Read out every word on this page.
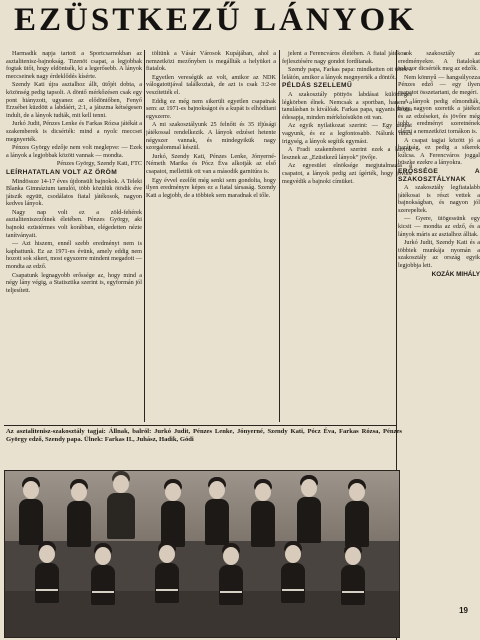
EZÜSTKEZŰ LÁNYOK

Harmadik napja tartott a Sportcsarnokban az asztalitenisz-bajnokság. Tizenöt csapat, a legjobbak fogtak ütőt, hogy eldöntsék, ki a legerősebb. A lányok meccseinek nagy érdeklődés kísérte.

Szendy Kati újra asztalhoz állt, ütőjét dobta, a közönség pedig tapsolt. A döntő mérkőzésen csak egy pont hiányzott, ugyanez az elődöntőben, Fenyő Erzsébet küzdött a labdáért, 2:1, a játszma kétségesen indult, de a lányok tudták, mit kell tenni.

Jurkó Judit, Pénzes Lenke és Farkas Rózsa játékát a szakemberek is dicsérték: mind a nyolc meccset megnyerték.

Pénzes György edzője nem volt meglepve: — Ezek a lányok a legjobbak között vannak — mondta.

Pénzes György, Szendy Kati, FTC

LEÍRHATATLAN VOLT AZ ÖRÖM

Mindössze 14-17 éves újdonsült bajnokok. A Teleki Blanka Gimnázium tanulói, több közülük ötödik éve játszik együtt, csodálatos fiatal játékosok, nagyon kedves lányok.

Nagy nap volt ez a zöld-fehérek asztaliteniszezőinek életében. Pénzes György, aki bajnoki ezüstérmes volt korábban, elégedetten nézte tanítványait.

— Azt hiszem, ennél szebb eredményt nem is kaphattunk. Ez az 1971-es évünk, amely eddig nem hozott sok sikert, most egyszerre mindent megadott — mondta az edző.

Csapatunk legnagyobb erőssége az, hogy mind a négy lány végig, a Statisztika szerint is, egyformán jól teljesített.

töltünk a Vásár Városok Kupájában, ahol a nemzetközi mezőnyben is megállták a helyüket a fiatalok.

Egyetlen vereségük az volt, amikor az NDK válogatottjával találkoztak, de azt is csak 3:2-re veszítették el.

Eddig ez még nem sikerült egyetlen csapatnak sem: az 1971-es bajnokságot és a kupát is elhódítani egyszerre.

A mi szakosztályunk 25 felnőtt és 35 ifjúsági játékossal rendelkezik. A lányok edzései hetente négyszer vannak, és mindegyikük nagy szorgalommal készül.

Jurkó, Szendy Kati, Pénzes Lenke, Jónyerné-Németh Marika és Pócz Éva alkotják az első csapatot, mellettük ott van a második garnitúra is.

Egy évvel ezelőtt még senki sem gondolta, hogy ilyen eredményre képes ez a fiatal társaság. Szendy Kati a legjobb, de a többiek sem maradnak el tőle.

jelent a Ferencváros életében. A fiatal játékosok fejlesztésére nagy gondot fordítanak.

Szendy papa, Farkas papa: mindketten ott ültek a lelátón, amikor a lányok megnyerték a döntőt.

PÉLDÁS SZELLEMŰ

A szakosztály pöttyös labdásai különleges légkörben élnek. Nemcsak a sportban, hanem a tanulásban is kiválóak. Farkas papa, ugyanis Rózsa édesapja, minden mérkőzésükön ott van.

Az egyik nyilatkozat szerint: — Egy csapat vagyunk, és ez a legfontosabb. Nálunk nincs irigység, a lányok segítik egymást.

A Fradi szakemberei szerint ezek a lányok lesznek az „Ezüstkezű lányok” jövője.

Az egyesület elnöksége megjutalmazta a csapatot, a lányok pedig azt ígérték, hogy jövőre megvédik a bajnoki címüket.

a szakosztály az eredményekre. A fiatalokat sokszor dicsérték meg az edzők.

Nem könnyű — hangsúlyozza Pénzes edző — egy ilyen csapatot összetartani, de megéri.

A lányok pedig elmondták, hogy nagyon szeretik a játékot és az edzéseket, és jövőre még jobb eredményt szeretnének elérni a nemzetközi tornákon is.

A csapat tagjai között jó a barátság, ez pedig a sikerek kulcsa. A Ferencváros joggal büszke ezekre a lányokra.

ERŐSSÉGE A SZAKOSZTÁLYNAK

A szakosztály legfiatalabb játékosai is részt vettek a bajnokságban, és nagyon jól szerepeltek.

— Gyere, ütögessünk egy kicsit — mondta az edző, és a lányok máris az asztalhoz álltak.

Jurkó Judit, Szendy Kati és a többiek munkája nyomán a szakosztály az ország egyik legjobbja lett.

KOZÁK MIHÁLY

Az asztalitenisz-szakosztály tagjai: Állnak, balról: Jurkó Judit, Pénzes Lenke, Jónyerné, Szendy Kati, Pócz Éva, Farkas Rózsa, Pénzes György edző, Szendy papa. Ülnek: Farkas II., Juhász, Hadik, Gódi
19
